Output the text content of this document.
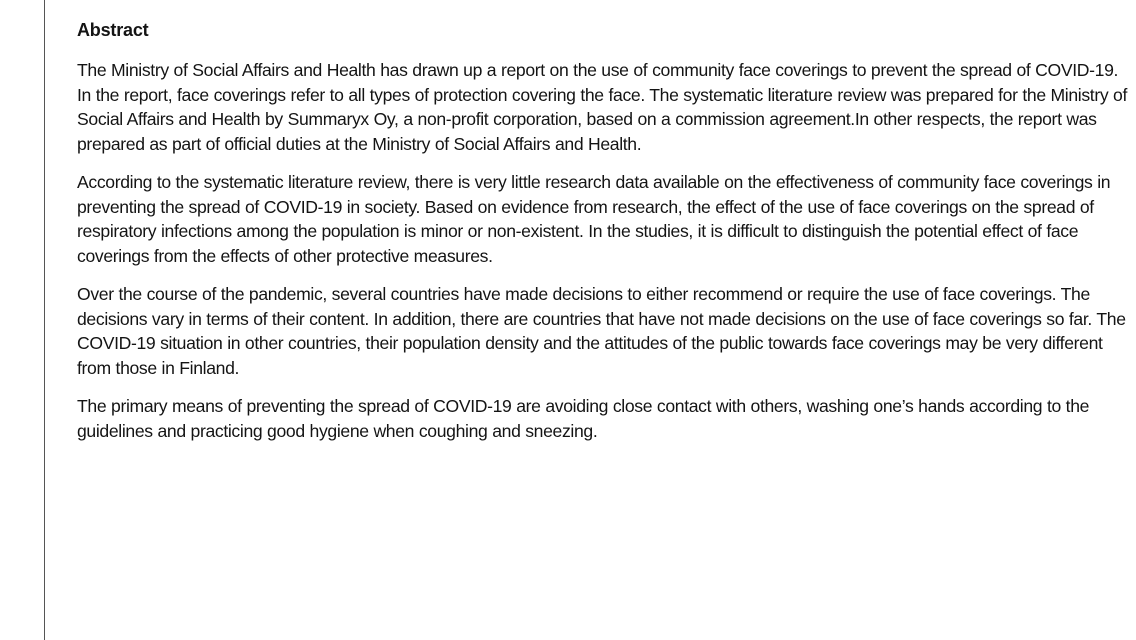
Abstract

The Ministry of Social Affairs and Health has drawn up a report on the use of community face coverings to prevent the spread of COVID-19. In the report, face coverings refer to all types of protection covering the face. The systematic literature review was prepared for the Ministry of Social Affairs and Health by Summaryx Oy, a non-profit corporation, based on a commission agreement.In other respects, the report was prepared as part of official duties at the Ministry of Social Affairs and Health.

According to the systematic literature review, there is very little research data available on the effectiveness of community face coverings in preventing the spread of COVID-19 in society. Based on evidence from research, the effect of the use of face coverings on the spread of respiratory infections among the population is minor or non-existent. In the studies, it is difficult to distinguish the potential effect of face coverings from the effects of other protective measures.

Over the course of the pandemic, several countries have made decisions to either recommend or require the use of face coverings. The decisions vary in terms of their content. In addition, there are countries that have not made decisions on the use of face coverings so far. The COVID-19 situation in other countries, their population density and the attitudes of the public towards face coverings may be very different from those in Finland.

The primary means of preventing the spread of COVID-19 are avoiding close contact with others, washing one’s hands according to the guidelines and practicing good hygiene when coughing and sneezing.
